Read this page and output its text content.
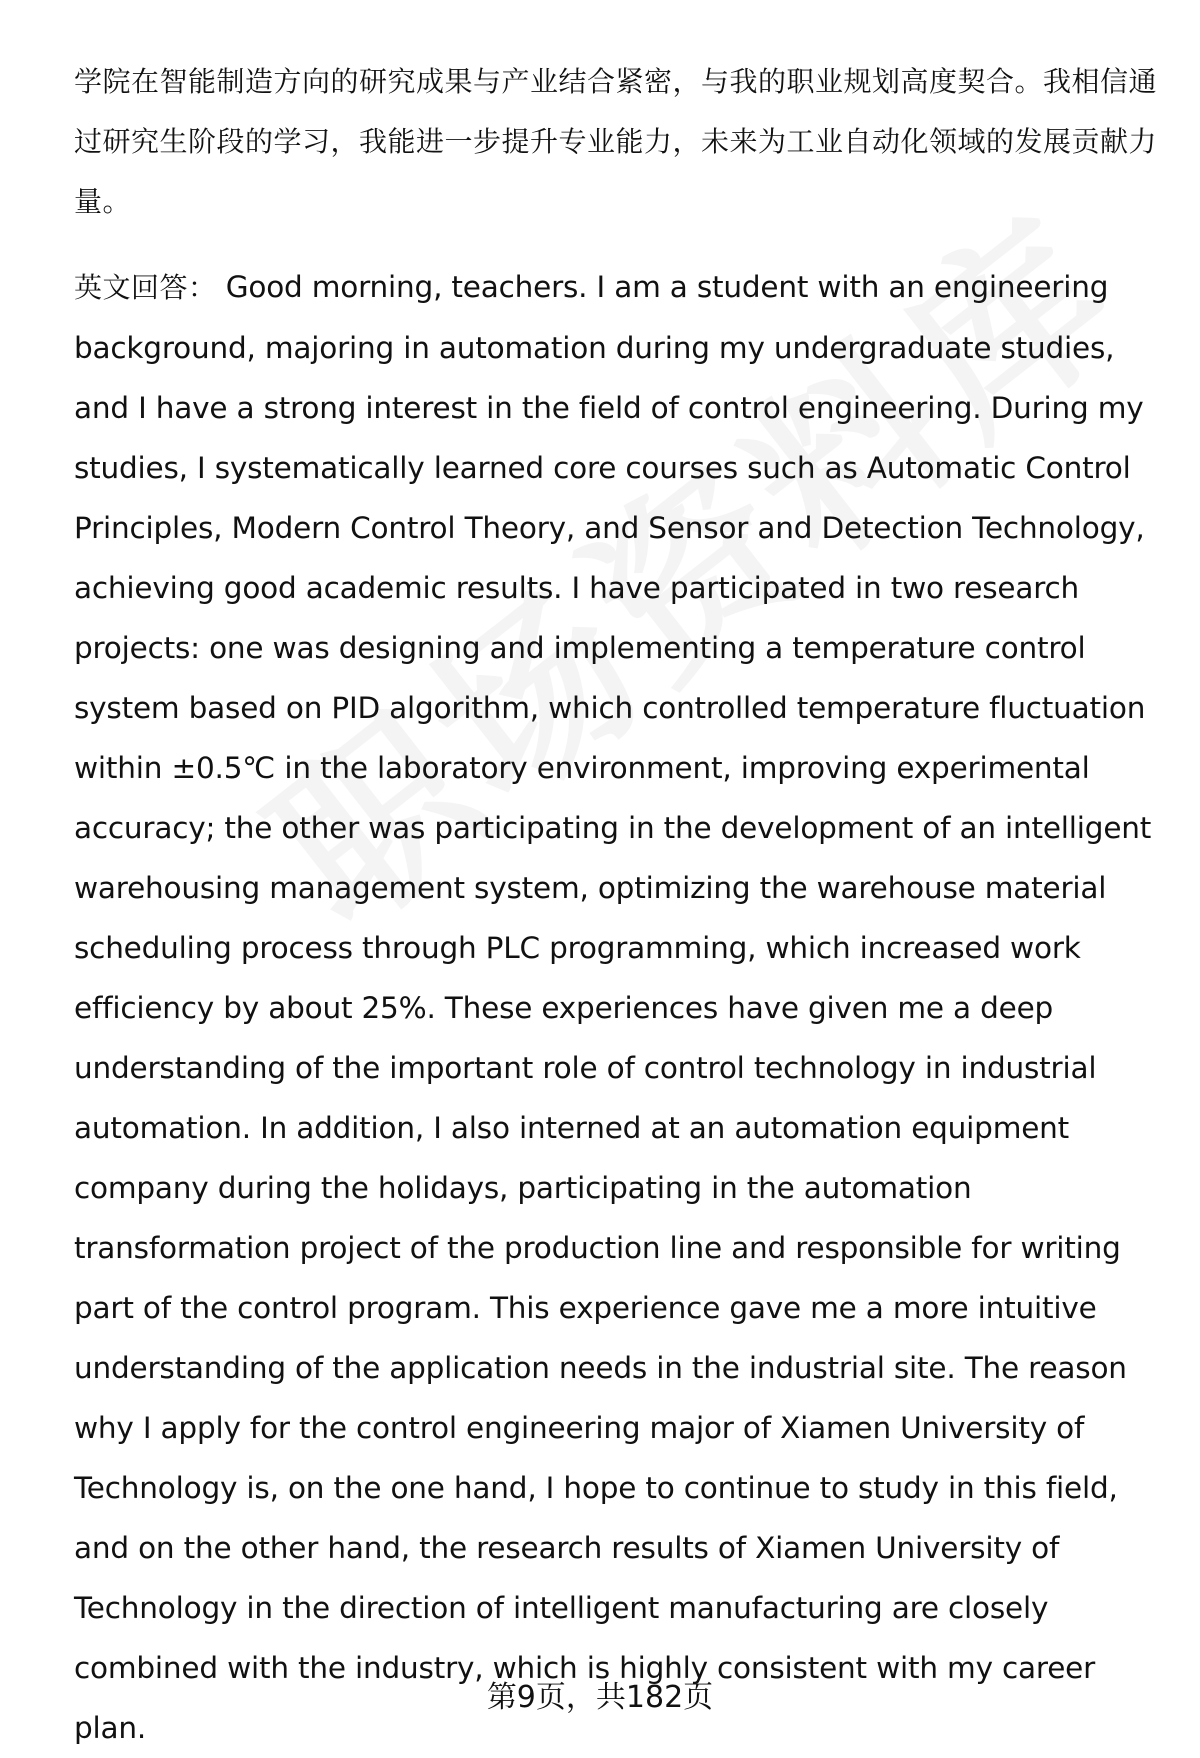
学院在智能制造方向的研究成果与产业结合紧密，与我的职业规划高度契合。我相信通过研究生阶段的学习，我能进一步提升专业能力，未来为工业自动化领域的发展贡献力量。

英文回答： Good morning, teachers. I am a student with an engineering background, majoring in automation during my undergraduate studies, and I have a strong interest in the field of control engineering. During my studies, I systematically learned core courses such as Automatic Control Principles, Modern Control Theory, and Sensor and Detection Technology, achieving good academic results. I have participated in two research projects: one was designing and implementing a temperature control system based on PID algorithm, which controlled temperature fluctuation within ±0.5℃ in the laboratory environment, improving experimental accuracy; the other was participating in the development of an intelligent warehousing management system, optimizing the warehouse material scheduling process through PLC programming, which increased work efficiency by about 25%. These experiences have given me a deep understanding of the important role of control technology in industrial automation. In addition, I also interned at an automation equipment company during the holidays, participating in the automation transformation project of the production line and responsible for writing part of the control program. This experience gave me a more intuitive understanding of the application needs in the industrial site. The reason why I apply for the control engineering major of Xiamen University of Technology is, on the one hand, I hope to continue to study in this field, and on the other hand, the research results of Xiamen University of Technology in the direction of intelligent manufacturing are closely combined with the industry, which is highly consistent with my career plan.

第9页，共182页
